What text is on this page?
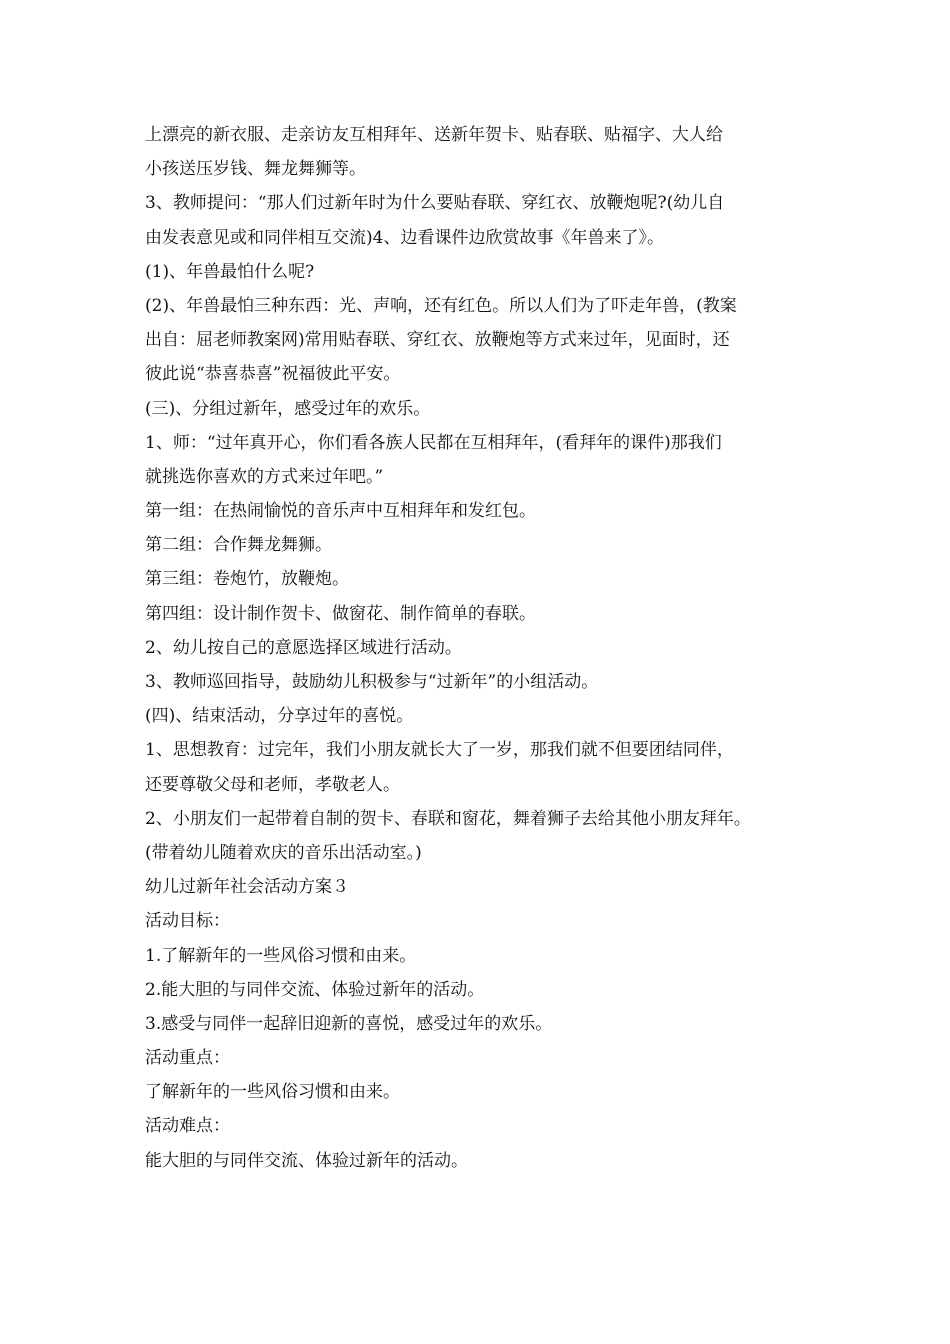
上漂亮的新衣服、走亲访友互相拜年、送新年贺卡、贴春联、贴福字、大人给
小孩送压岁钱、舞龙舞狮等。
3、教师提问：“那人们过新年时为什么要贴春联、穿红衣、放鞭炮呢?(幼儿自
由发表意见或和同伴相互交流)4、边看课件边欣赏故事《年兽来了》。
(1)、年兽最怕什么呢?
(2)、年兽最怕三种东西：光、声响，还有红色。所以人们为了吓走年兽，(教案
出自：屈老师教案网)常用贴春联、穿红衣、放鞭炮等方式来过年，见面时，还
彼此说“恭喜恭喜”祝福彼此平安。
(三)、分组过新年，感受过年的欢乐。
1、师：“过年真开心，你们看各族人民都在互相拜年，(看拜年的课件)那我们
就挑选你喜欢的方式来过年吧。”
第一组：在热闹愉悦的音乐声中互相拜年和发红包。
第二组：合作舞龙舞狮。
第三组：卷炮竹，放鞭炮。
第四组：设计制作贺卡、做窗花、制作简单的春联。
2、幼儿按自己的意愿选择区域进行活动。
3、教师巡回指导，鼓励幼儿积极参与“过新年”的小组活动。
(四)、结束活动，分享过年的喜悦。
1、思想教育：过完年，我们小朋友就长大了一岁，那我们就不但要团结同伴，
还要尊敬父母和老师，孝敬老人。
2、小朋友们一起带着自制的贺卡、春联和窗花，舞着狮子去给其他小朋友拜年。
(带着幼儿随着欢庆的音乐出活动室。)
幼儿过新年社会活动方案３
活动目标：
1.了解新年的一些风俗习惯和由来。
2.能大胆的与同伴交流、体验过新年的活动。
3.感受与同伴一起辞旧迎新的喜悦，感受过年的欢乐。
活动重点：
了解新年的一些风俗习惯和由来。
活动难点：
能大胆的与同伴交流、体验过新年的活动。
